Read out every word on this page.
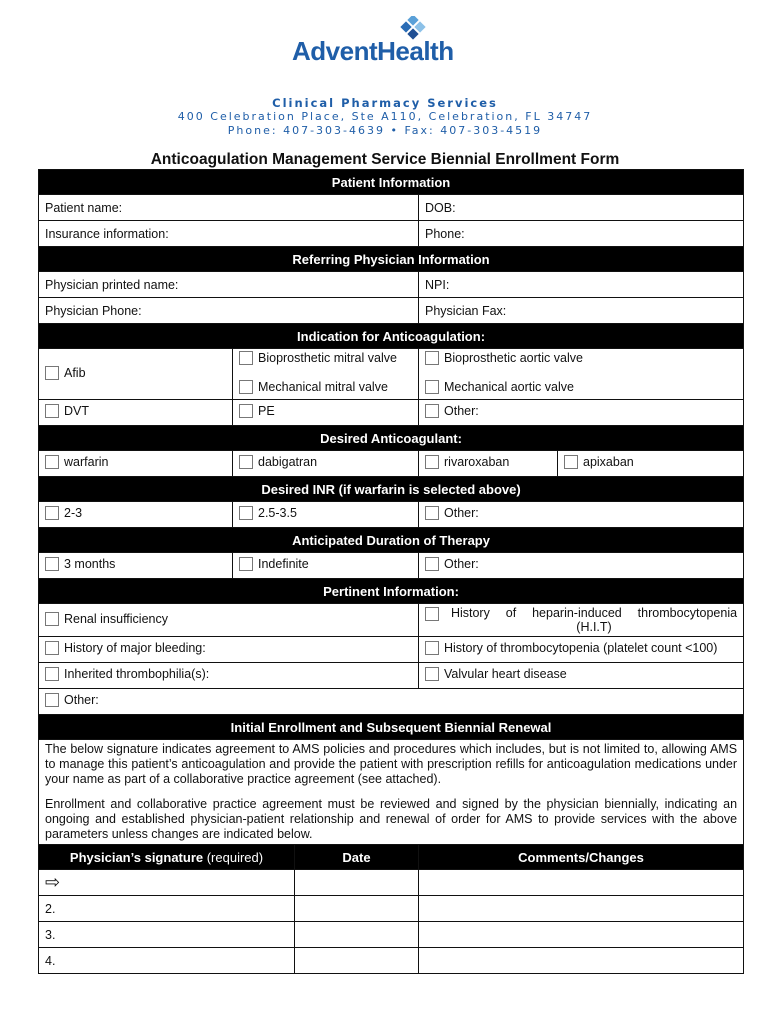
AdventHealth
Clinical Pharmacy Services
400 Celebration Place, Ste A110, Celebration, FL 34747
Phone: 407-303-4639 • Fax: 407-303-4519
Anticoagulation Management Service Biennial Enrollment Form
Patient Information				
Patient name:			DOB:	
Insurance information:			Phone:	
Referring Physician Information				
Physician printed name:			NPI:	
Physician Phone:			Physician Fax:	
Indication for Anticoagulation:				

Afib	Bioprosthetic mitral valve		Bioprosthetic aortic valve	

	Mechanical mitral valve		Mechanical aortic valve	

DVT	PE		Other:	

Desired Anticoagulant:				

warfarin	dabigatran		rivaroxaban	apixaban

Desired INR (if warfarin is selected above)				

2-3	2.5-3.5		Other:	

Anticipated Duration of Therapy				

3 months	Indefinite		Other:	

Pertinent Information:				

Renal insufficiency			History of heparin-induced thrombocytopenia (H.I.T)	

History of major bleeding:			History of thrombocytopenia (platelet count <100)	

Inherited thrombophilia(s):			Valvular heart disease	

Other:				

Initial Enrollment and Subsequent Biennial Renewal				

The below signature indicates agreement to AMS policies and procedures which includes, but is not limited to, allowing AMS to manage this patient’s anticoagulation and provide the patient with prescription refills for anticoagulation medications under your name as part of a collaborative practice agreement (see attached).

Enrollment and collaborative practice agreement must be reviewed and signed by the physician biennially, indicating an ongoing and established physician-patient relationship and renewal of order for AMS to provide services with the above parameters unless changes are indicated below.				

Physician’s signature (required)		Date	Comments/Changes	
⇨				
2.				
3.				
4.				
